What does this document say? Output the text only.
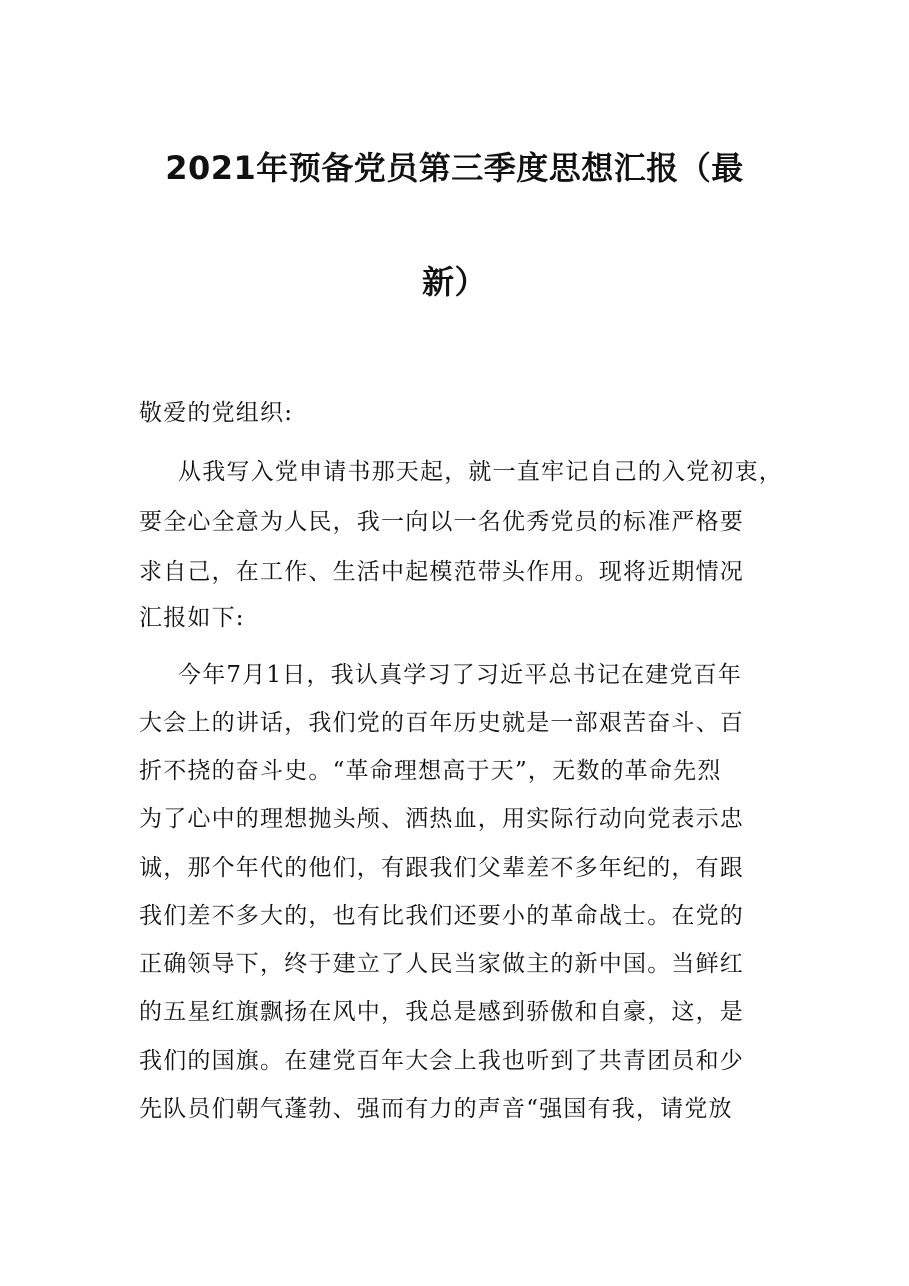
2021年预备党员第三季度思想汇报（最
新）
敬爱的党组织:
从我写入党申请书那天起，就一直牢记自己的入党初衷，
要全心全意为人民，我一向以一名优秀党员的标准严格要
求自己，在工作、生活中起模范带头作用。现将近期情况
汇报如下:
今年7月1日，我认真学习了习近平总书记在建党百年
大会上的讲话，我们党的百年历史就是一部艰苦奋斗、百
折不挠的奋斗史。“革命理想高于天”，无数的革命先烈
为了心中的理想抛头颅、洒热血，用实际行动向党表示忠
诚，那个年代的他们，有跟我们父辈差不多年纪的，有跟
我们差不多大的，也有比我们还要小的革命战士。在党的
正确领导下，终于建立了人民当家做主的新中国。当鲜红
的五星红旗飘扬在风中，我总是感到骄傲和自豪，这，是
我们的国旗。在建党百年大会上我也听到了共青团员和少
先队员们朝气蓬勃、强而有力的声音“强国有我，请党放
